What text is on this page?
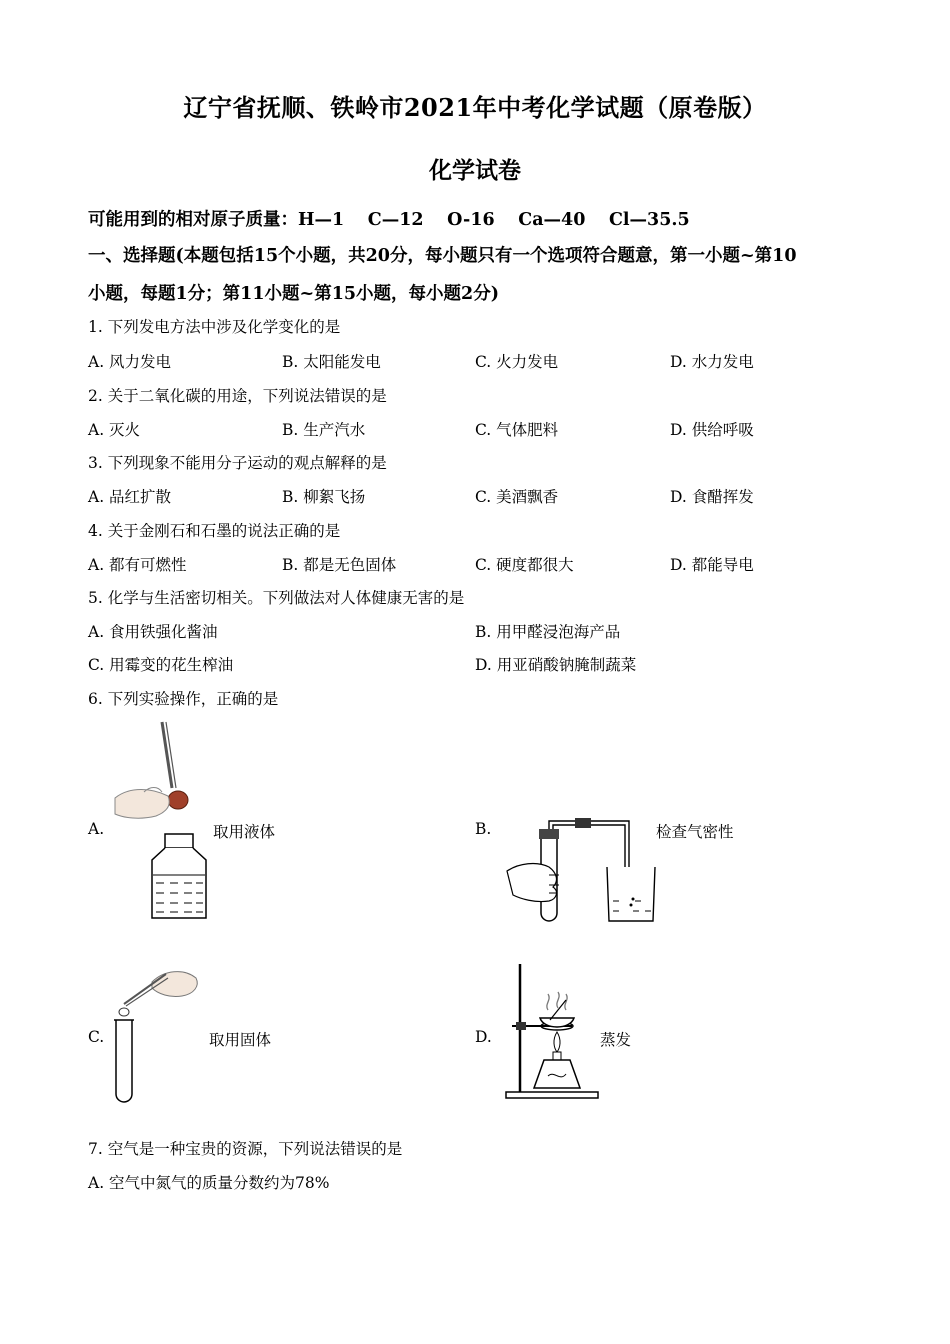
辽宁省抚顺、铁岭市2021年中考化学试题（原卷版）
化学试卷
可能用到的相对原子质量：H—1　 C—12　 O-16　 Ca—40　 Cl—35.5
一、选择题(本题包括15个小题，共20分，每小题只有一个选项符合题意，第一小题~第10
小题，每题1分；第11小题~第15小题，每小题2分)
1. 下列发电方法中涉及化学变化的是
A. 风力发电	B. 太阳能发电	C. 火力发电	D. 水力发电
2. 关于二氧化碳的用途，下列说法错误的是
A. 灭火	B. 生产汽水	C. 气体肥料	D. 供给呼吸
3. 下列现象不能用分子运动的观点解释的是
A. 品红扩散	B. 柳絮飞扬	C. 美酒飘香	D. 食醋挥发
4. 关于金刚石和石墨的说法正确的是
A. 都有可燃性	B. 都是无色固体	C. 硬度都很大	D. 都能导电
5. 化学与生活密切相关。下列做法对人体健康无害的是
A. 食用铁强化酱油	B. 用甲醛浸泡海产品
C. 用霉变的花生榨油	D. 用亚硝酸钠腌制蔬菜
6. 下列实验操作，正确的是
A.	取用液体	B.	检查气密性
C.	取用固体	D.	蒸发
7. 空气是一种宝贵的资源，下列说法错误的是
A. 空气中氮气的质量分数约为78%
